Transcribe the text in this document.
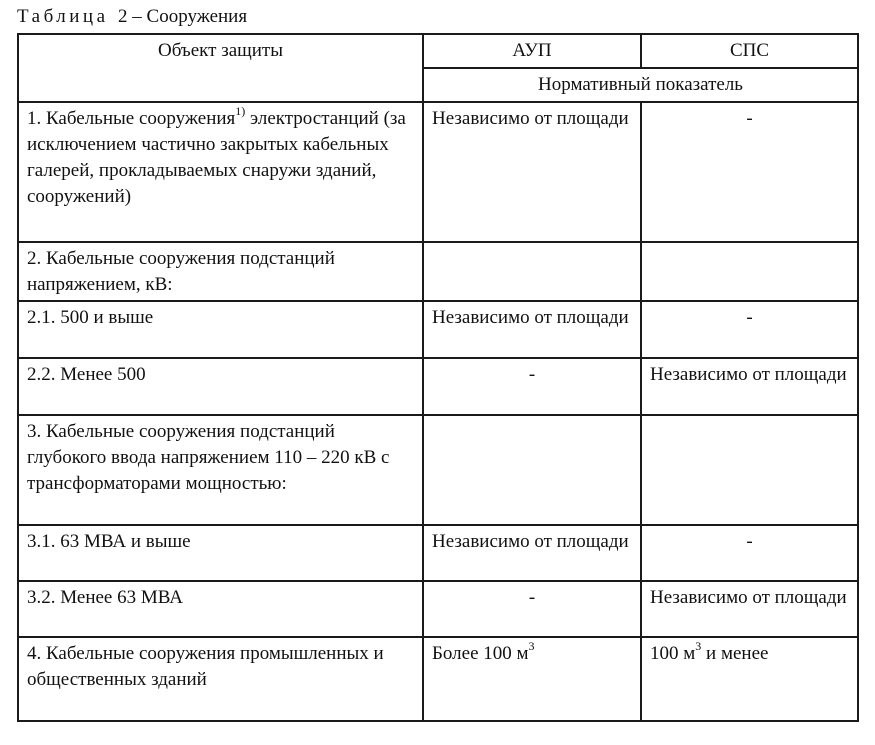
Таблица 2 – Сооружения
Объект защиты	АУП	СПС
	Нормативный показатель	
1. Кабельные сооружения$^{1)}$ электростанций (за исключением частично закрытых кабельных галерей, прокладываемых снаружи зданий, сооружений)	Независимо от площади	-
2. Кабельные сооружения подстанций напряжением, кВ:		
2.1. 500 и выше	Независимо от площади	-
2.2. Менее 500	-	Независимо от площади
3. Кабельные сооружения подстанций глубокого ввода напряжением 110 – 220 кВ с трансформаторами мощностью:		
3.1. 63 МВА и выше	Независимо от площади	-
3.2. Менее 63 МВА	-	Независимо от площади
4. Кабельные сооружения промышленных и общественных зданий	Более 100 $м^3$	100 $м^3$ и менее
